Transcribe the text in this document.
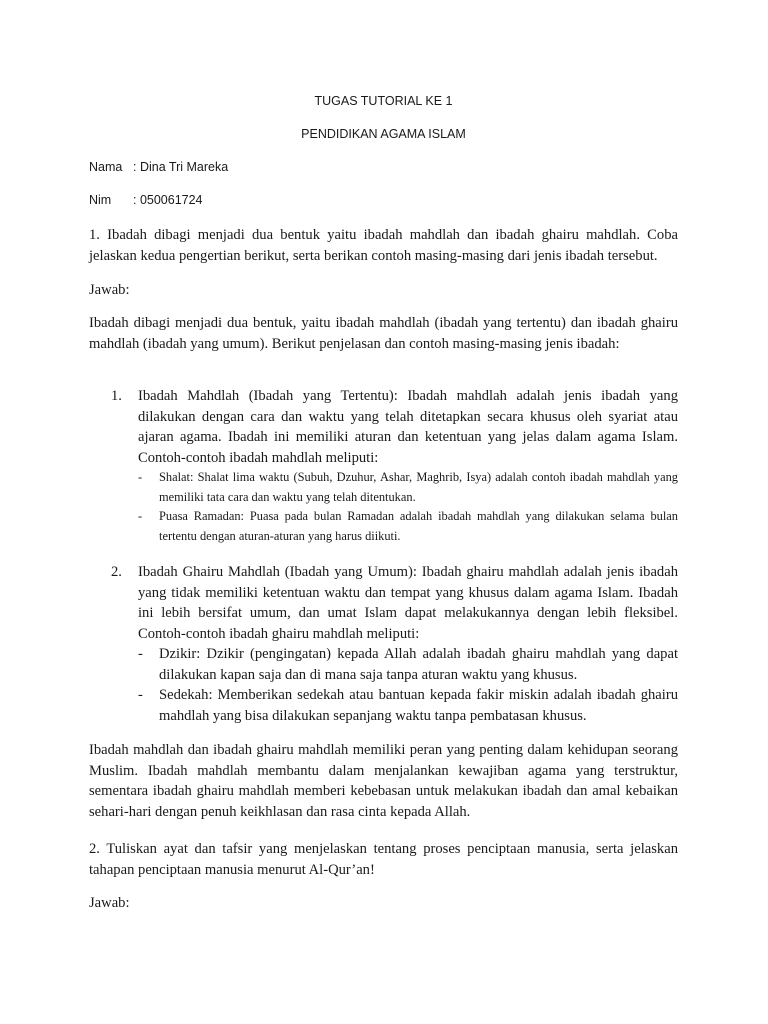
TUGAS TUTORIAL KE 1

PENDIDIKAN AGAMA ISLAM

Nama : Dina Tri Mareka
Nim : 050061724

1. Ibadah dibagi menjadi dua bentuk yaitu ibadah mahdlah dan ibadah ghairu mahdlah. Coba jelaskan kedua pengertian berikut, serta berikan contoh masing-masing dari jenis ibadah tersebut.

Jawab:

Ibadah dibagi menjadi dua bentuk, yaitu ibadah mahdlah (ibadah yang tertentu) dan ibadah ghairu mahdlah (ibadah yang umum). Berikut penjelasan dan contoh masing-masing jenis ibadah:

1.	Ibadah Mahdlah (Ibadah yang Tertentu): Ibadah mahdlah adalah jenis ibadah yang dilakukan dengan cara dan waktu yang telah ditetapkan secara khusus oleh syariat atau ajaran agama. Ibadah ini memiliki aturan dan ketentuan yang jelas dalam agama Islam. Contoh-contoh ibadah mahdlah meliputi:
- Shalat: Shalat lima waktu (Subuh, Dzuhur, Ashar, Maghrib, Isya) adalah contoh ibadah mahdlah yang memiliki tata cara dan waktu yang telah ditentukan.
- Puasa Ramadan: Puasa pada bulan Ramadan adalah ibadah mahdlah yang dilakukan selama bulan tertentu dengan aturan-aturan yang harus diikuti.
2.	Ibadah Ghairu Mahdlah (Ibadah yang Umum): Ibadah ghairu mahdlah adalah jenis ibadah yang tidak memiliki ketentuan waktu dan tempat yang khusus dalam agama Islam. Ibadah ini lebih bersifat umum, dan umat Islam dapat melakukannya dengan lebih fleksibel. Contoh-contoh ibadah ghairu mahdlah meliputi:
- Dzikir: Dzikir (pengingatan) kepada Allah adalah ibadah ghairu mahdlah yang dapat dilakukan kapan saja dan di mana saja tanpa aturan waktu yang khusus.
- Sedekah: Memberikan sedekah atau bantuan kepada fakir miskin adalah ibadah ghairu mahdlah yang bisa dilakukan sepanjang waktu tanpa pembatasan khusus.

Ibadah mahdlah dan ibadah ghairu mahdlah memiliki peran yang penting dalam kehidupan seorang Muslim. Ibadah mahdlah membantu dalam menjalankan kewajiban agama yang terstruktur, sementara ibadah ghairu mahdlah memberi kebebasan untuk melakukan ibadah dan amal kebaikan sehari-hari dengan penuh keikhlasan dan rasa cinta kepada Allah.

2. Tuliskan ayat dan tafsir yang menjelaskan tentang proses penciptaan manusia, serta jelaskan tahapan penciptaan manusia menurut Al-Qur’an!

Jawab:
